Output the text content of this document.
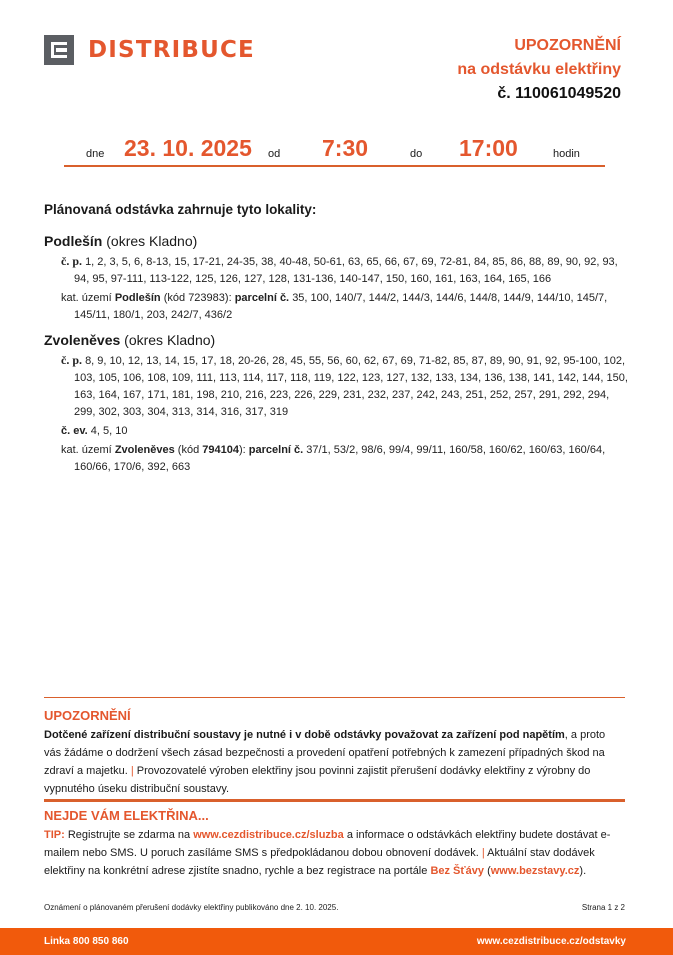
DISTRIBUCE	UPOZORNĚNÍ
na odstávku elektřiny
č. 110061049520
dne 23. 10. 2025 od 7:30	do 17:00	hodin
Plánovaná odstávka zahrnuje tyto lokality:
Podlešín (okres Kladno)
č. p. 1, 2, 3, 5, 6, 8-13, 15, 17-21, 24-35, 38, 40-48, 50-61, 63, 65, 66, 67, 69, 72-81, 84, 85, 86, 88, 89, 90, 92, 93, 94, 95, 97-111, 113-122, 125, 126, 127, 128, 131-136, 140-147, 150, 160, 161, 163, 164, 165, 166
kat. území Podlešín (kód 723983): parcelní č. 35, 100, 140/7, 144/2, 144/3, 144/6, 144/8, 144/9, 144/10, 145/7, 145/11, 180/1, 203, 242/7, 436/2
Zvoleněves (okres Kladno)
č. p. 8, 9, 10, 12, 13, 14, 15, 17, 18, 20-26, 28, 45, 55, 56, 60, 62, 67, 69, 71-82, 85, 87, 89, 90, 91, 92, 95-100, 102, 103, 105, 106, 108, 109, 111, 113, 114, 117, 118, 119, 122, 123, 127, 132, 133, 134, 136, 138, 141, 142, 144, 150, 163, 164, 167, 171, 181, 198, 210, 216, 223, 226, 229, 231, 232, 237, 242, 243, 251, 252, 257, 291, 292, 294, 299, 302, 303, 304, 313, 314, 316, 317, 319
č. ev. 4, 5, 10
kat. území Zvoleněves (kód 794104): parcelní č. 37/1, 53/2, 98/6, 99/4, 99/11, 160/58, 160/62, 160/63, 160/64, 160/66, 170/6, 392, 663
UPOZORNĚNÍ
Dotčené zařízení distribuční soustavy je nutné i v době odstávky považovat za zařízení pod napětím, a proto vás žádáme o dodržení všech zásad bezpečnosti a provedení opatření potřebných k zamezení případných škod na zdraví a majetku. | Provozovatelé výroben elektřiny jsou povinni zajistit přerušení dodávky elektřiny z výrobny do vypnutého úseku distribuční soustavy.
NEJDE VÁM ELEKTŘINA...
TIP: Registrujte se zdarma na www.cezdistribuce.cz/sluzba a informace o odstávkách elektřiny budete dostávat e-mailem nebo SMS. U poruch zasíláme SMS s předpokládanou dobou obnovení dodávek. | Aktuální stav dodávek elektřiny na konkrétní adrese zjistíte snadno, rychle a bez registrace na portále Bez Šťávy (www.bezstavy.cz).
Oznámení o plánovaném přerušení dodávky elektřiny publikováno dne 2. 10. 2025.	Strana 1 z 2
Linka 800 850 860	www.cezdistribuce.cz/odstavky
